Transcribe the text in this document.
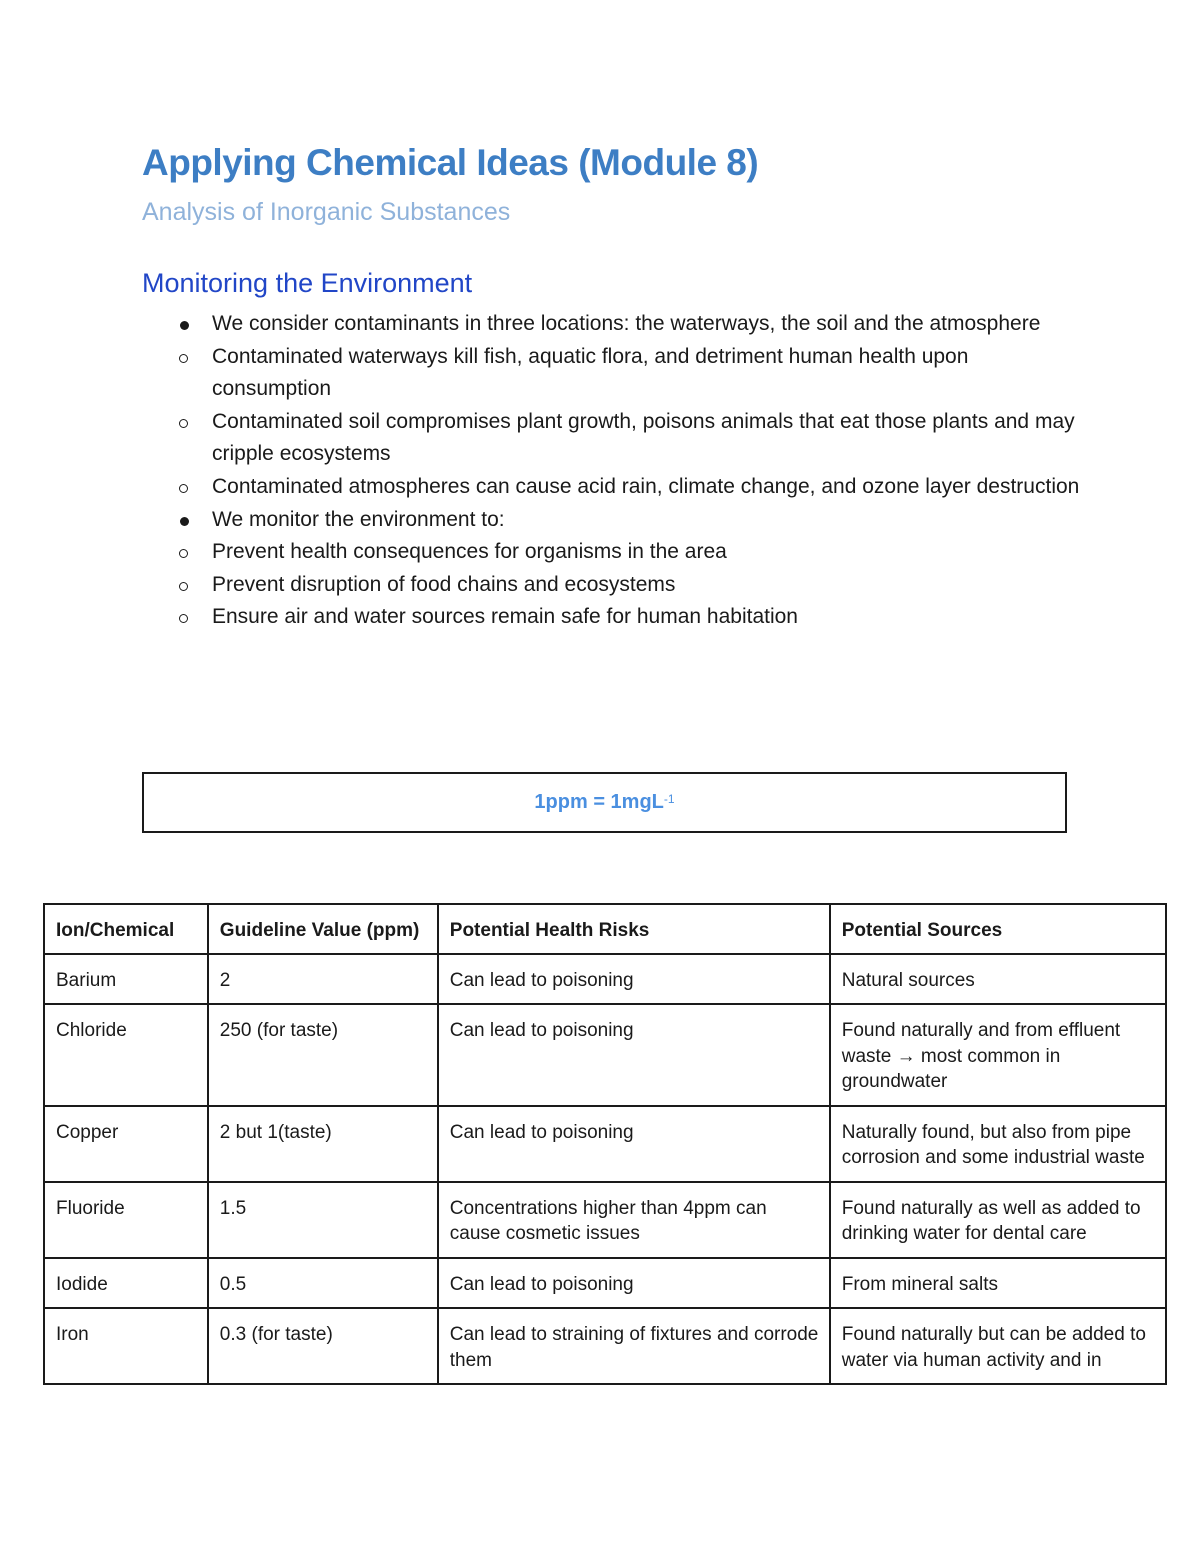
Applying Chemical Ideas (Module 8)
Analysis of Inorganic Substances
Monitoring the Environment
We consider contaminants in three locations: the waterways, the soil and the atmosphere
Contaminated waterways kill fish, aquatic flora, and detriment human health upon consumption
Contaminated soil compromises plant growth, poisons animals that eat those plants and may cripple ecosystems
Contaminated atmospheres can cause acid rain, climate change, and ozone layer destruction
We monitor the environment to:
Prevent health consequences for organisms in the area
Prevent disruption of food chains and ecosystems
Ensure air and water sources remain safe for human habitation
1ppm = 1mgL$^{-1}$
Ion/Chemical	Guideline Value (ppm)	Potential Health Risks	Potential Sources
Barium	2	Can lead to poisoning	Natural sources
Chloride	250 (for taste)	Can lead to poisoning	Found naturally and from effluent waste → most common in groundwater
Copper	2 but 1(taste)	Can lead to poisoning	Naturally found, but also from pipe corrosion and some industrial waste
Fluoride	1.5	Concentrations higher than 4ppm can cause cosmetic issues	Found naturally as well as added to drinking water for dental care
Iodide	0.5	Can lead to poisoning	From mineral salts
Iron	0.3 (for taste)	Can lead to straining of fixtures and corrode them	Found naturally but can be added to water via human activity and in
